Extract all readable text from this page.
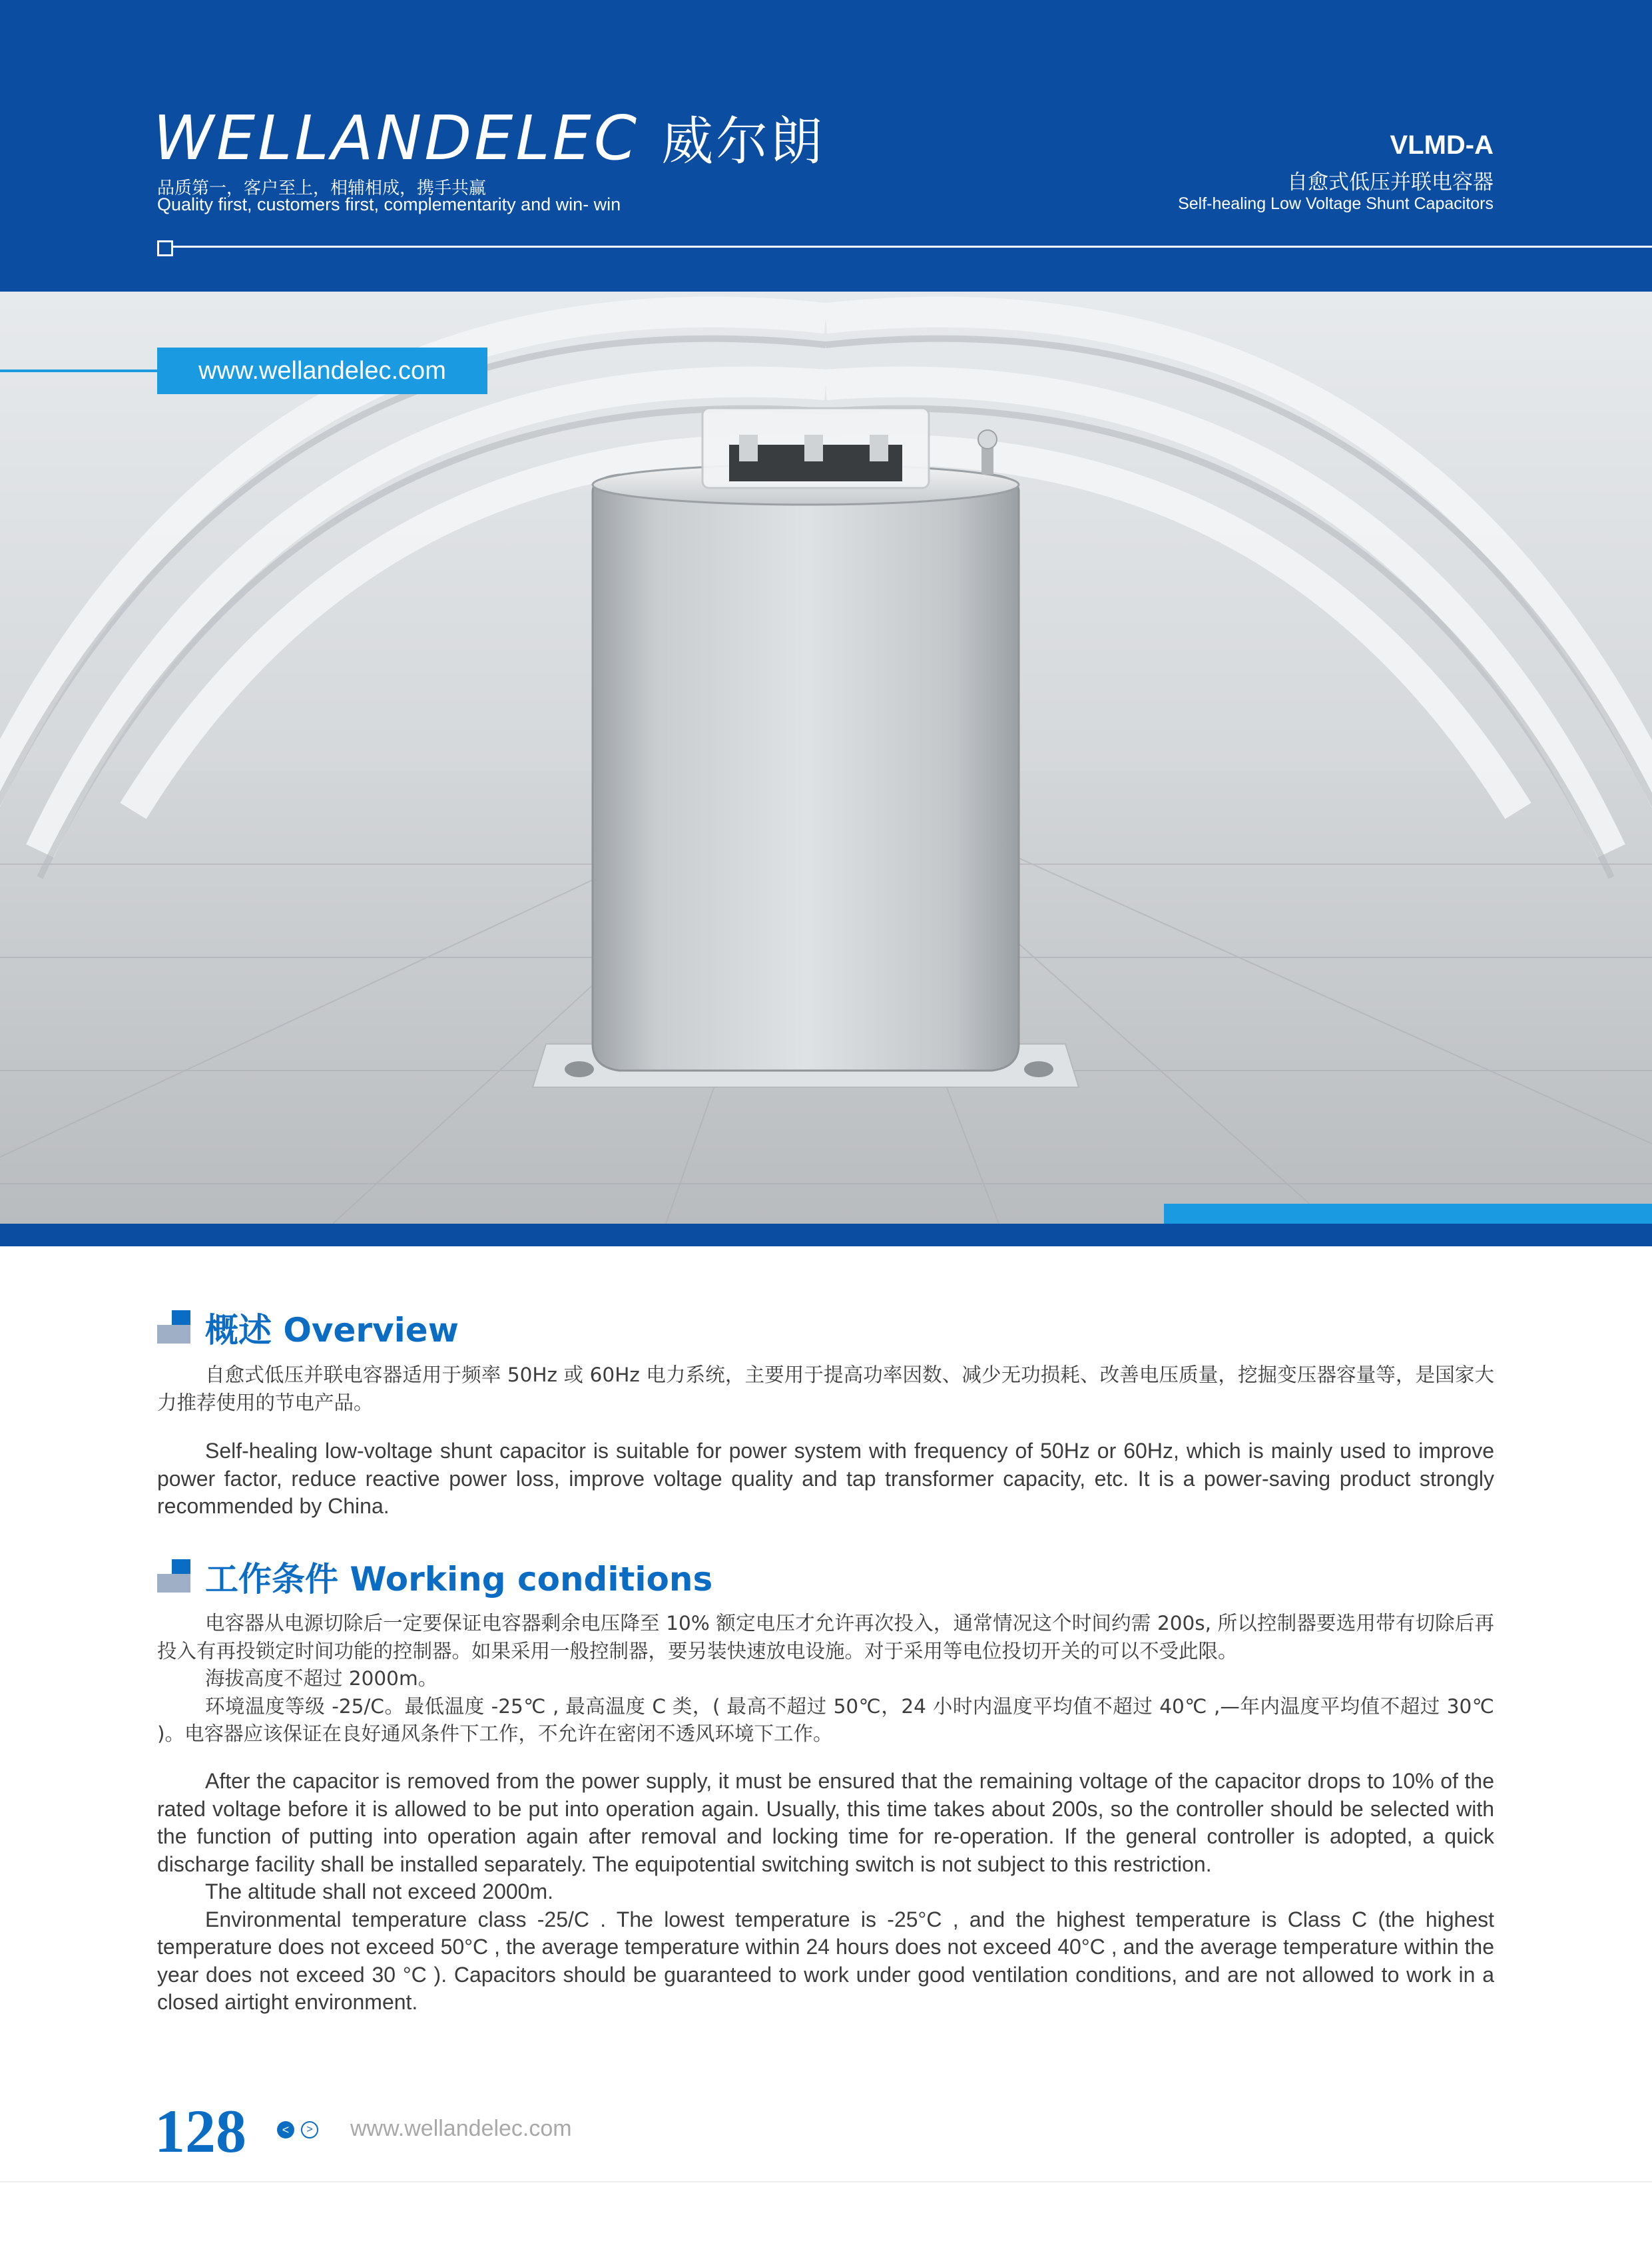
WELLANDELEC 威尔朗
品质第一，客户至上，相辅相成，携手共赢
Quality first, customers first, complementarity and win- win
VLMD-A
自愈式低压并联电容器
Self-healing Low Voltage Shunt Capacitors
www.wellandelec.com
概述 Overview

自愈式低压并联电容器适用于频率 50Hz 或 60Hz 电力系统，主要用于提高功率因数、减少无功损耗、改善电压质量，挖掘变压器容量等，是国家大力推荐使用的节电产品。

Self-healing low-voltage shunt capacitor is suitable for power system with frequency of 50Hz or 60Hz, which is mainly used to improve power factor, reduce reactive power loss, improve voltage quality and tap transformer capacity, etc. It is a power-saving product strongly recommended by China.

工作条件 Working conditions

电容器从电源切除后一定要保证电容器剩余电压降至 10% 额定电压才允许再次投入，通常情况这个时间约需 200s, 所以控制器要选用带有切除后再投入有再投锁定时间功能的控制器。如果采用一般控制器，要另装快速放电设施。对于采用等电位投切开关的可以不受此限。

海拔高度不超过 2000m。

环境温度等级 -25/C。最低温度 -25℃ , 最高温度 C 类，( 最高不超过 50℃，24 小时内温度平均值不超过 40℃ ,—年内温度平均值不超过 30℃ )。电容器应该保证在良好通风条件下工作，不允许在密闭不透风环境下工作。

After the capacitor is removed from the power supply, it must be ensured that the remaining voltage of the capacitor drops to 10% of the rated voltage before it is allowed to be put into operation again. Usually, this time takes about 200s, so the controller should be selected with the function of putting into operation again after removal and locking time for re-operation. If the general controller is adopted, a quick discharge facility shall be installed separately. The equipotential switching switch is not subject to this restriction.

The altitude shall not exceed 2000m.

Environmental temperature class -25/C . The lowest temperature is -25°C , and the highest temperature is Class C (the highest temperature does not exceed 50°C , the average temperature within 24 hours does not exceed 40°C , and the average temperature within the year does not exceed 30 °C ). Capacitors should be guaranteed to work under good ventilation conditions, and are not allowed to work in a closed airtight environment.

128	<	> www.wellandelec.com
